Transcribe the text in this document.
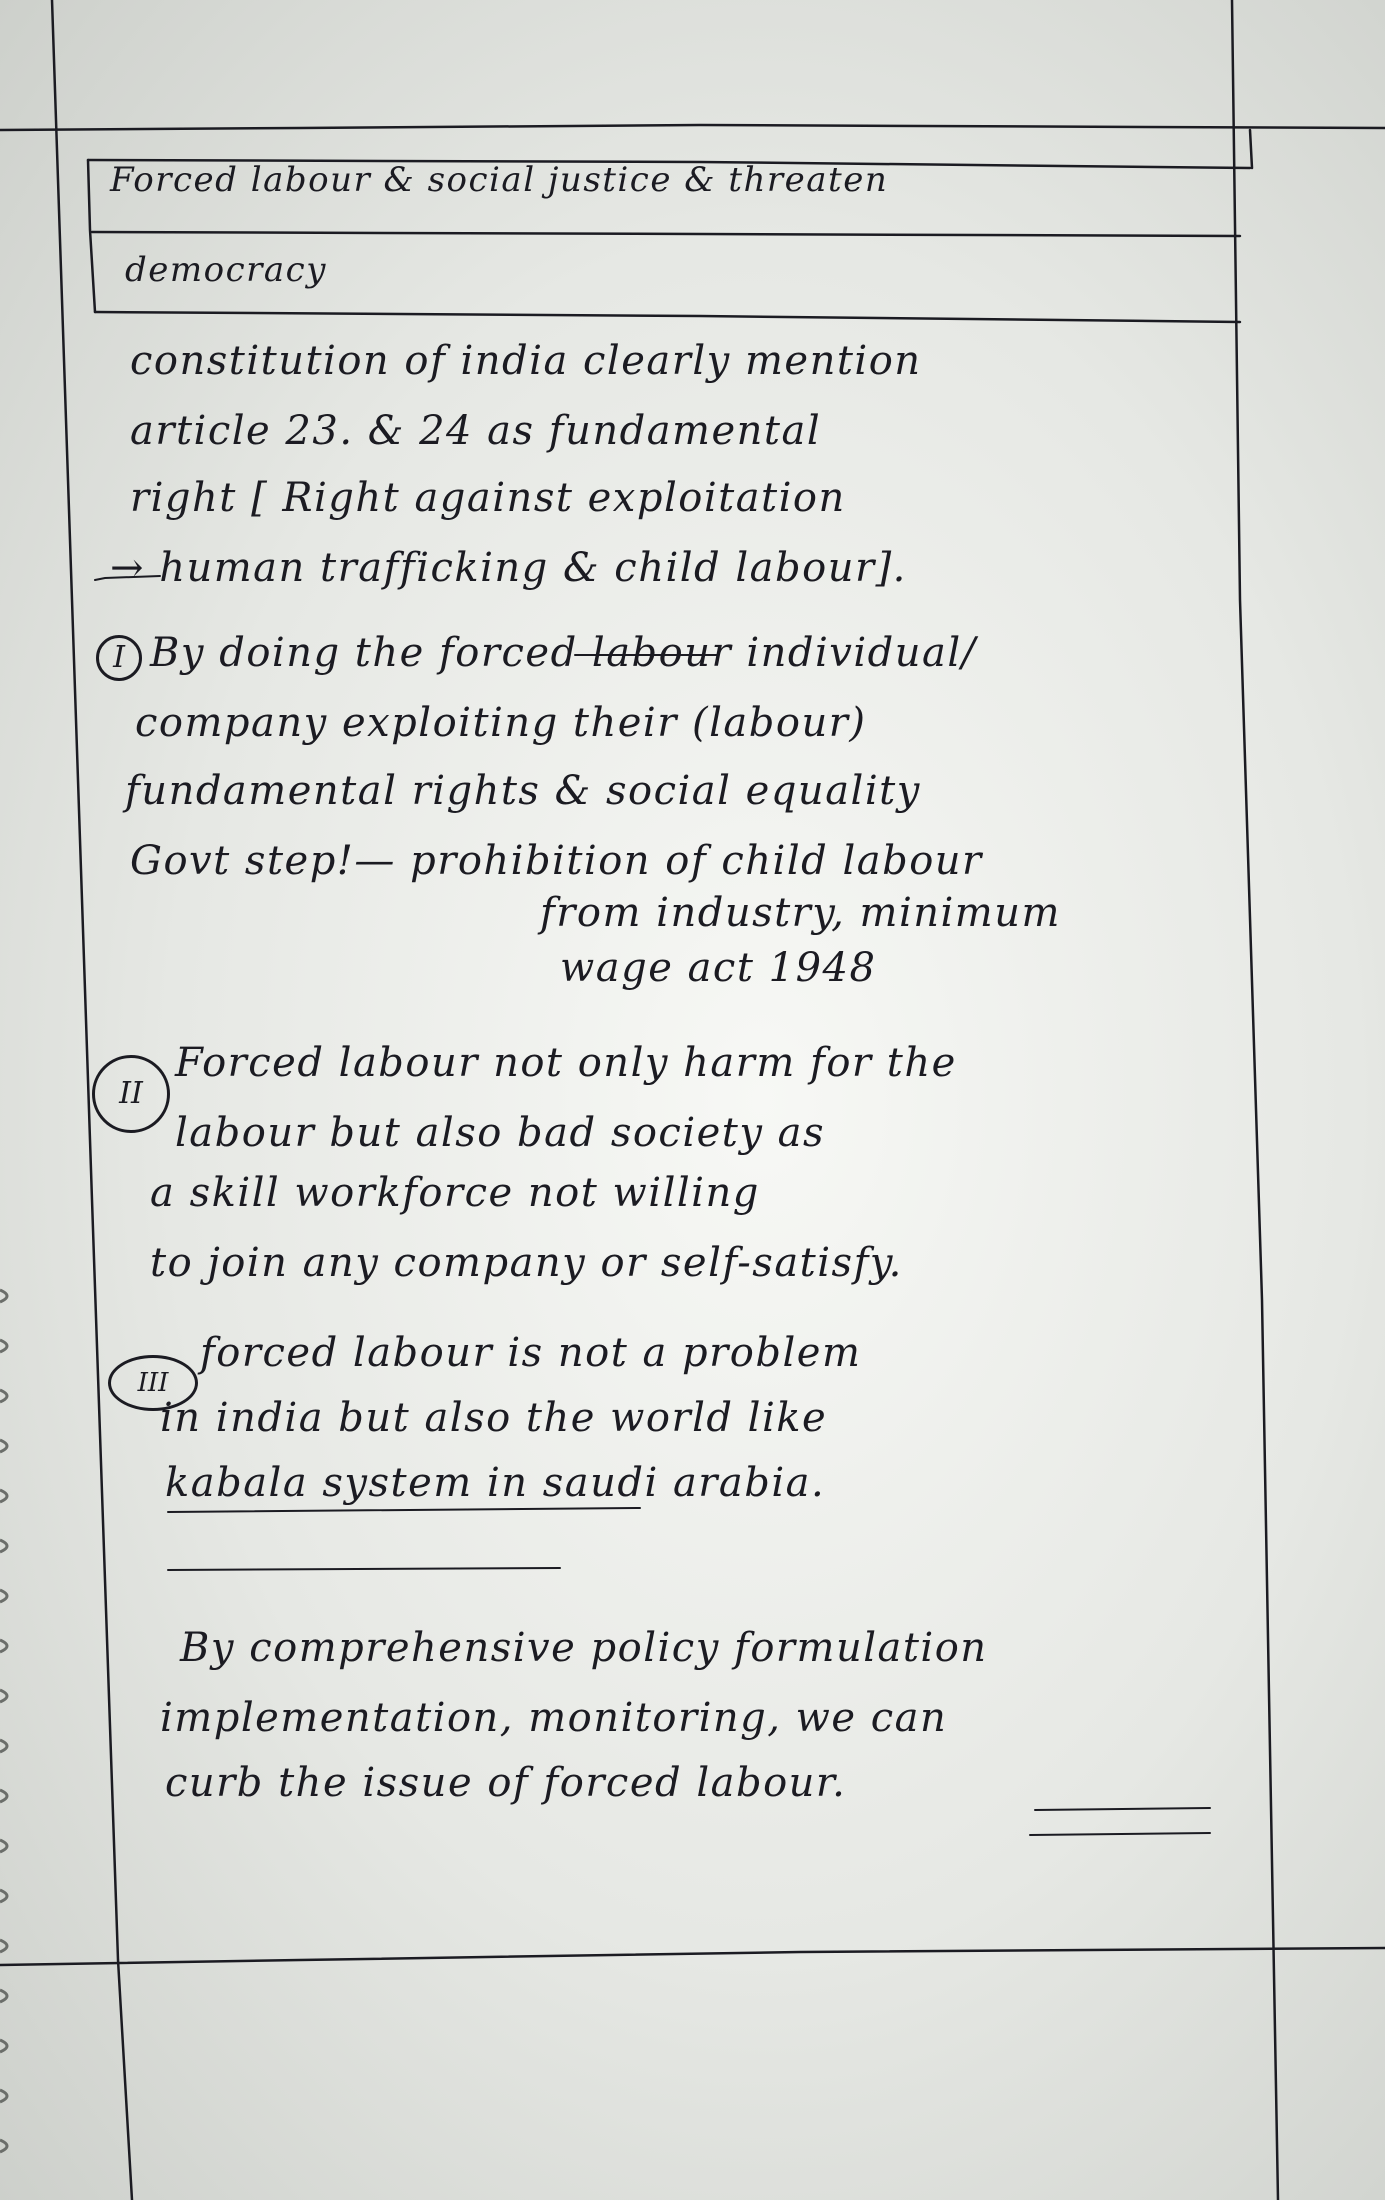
Forced labour & social justice & threaten

democracy

constitution of india clearly mention

article 23. & 24 as fundamental

right [ Right against exploitation

→ human trafficking & child labour].

I By doing the forced labour individual/

company exploiting their (labour)

fundamental rights & social equality

Govt step!— prohibition of child labour

from industry, minimum

wage act 1948

II

Forced labour not only harm for the

labour but also bad society as

a skill workforce not willing

to join any company or self-satisfy.

III

forced labour is not a problem

in india but also the world like

kabala system in saudi arabia.

By comprehensive policy formulation

implementation, monitoring, we can

curb the issue of forced labour.
